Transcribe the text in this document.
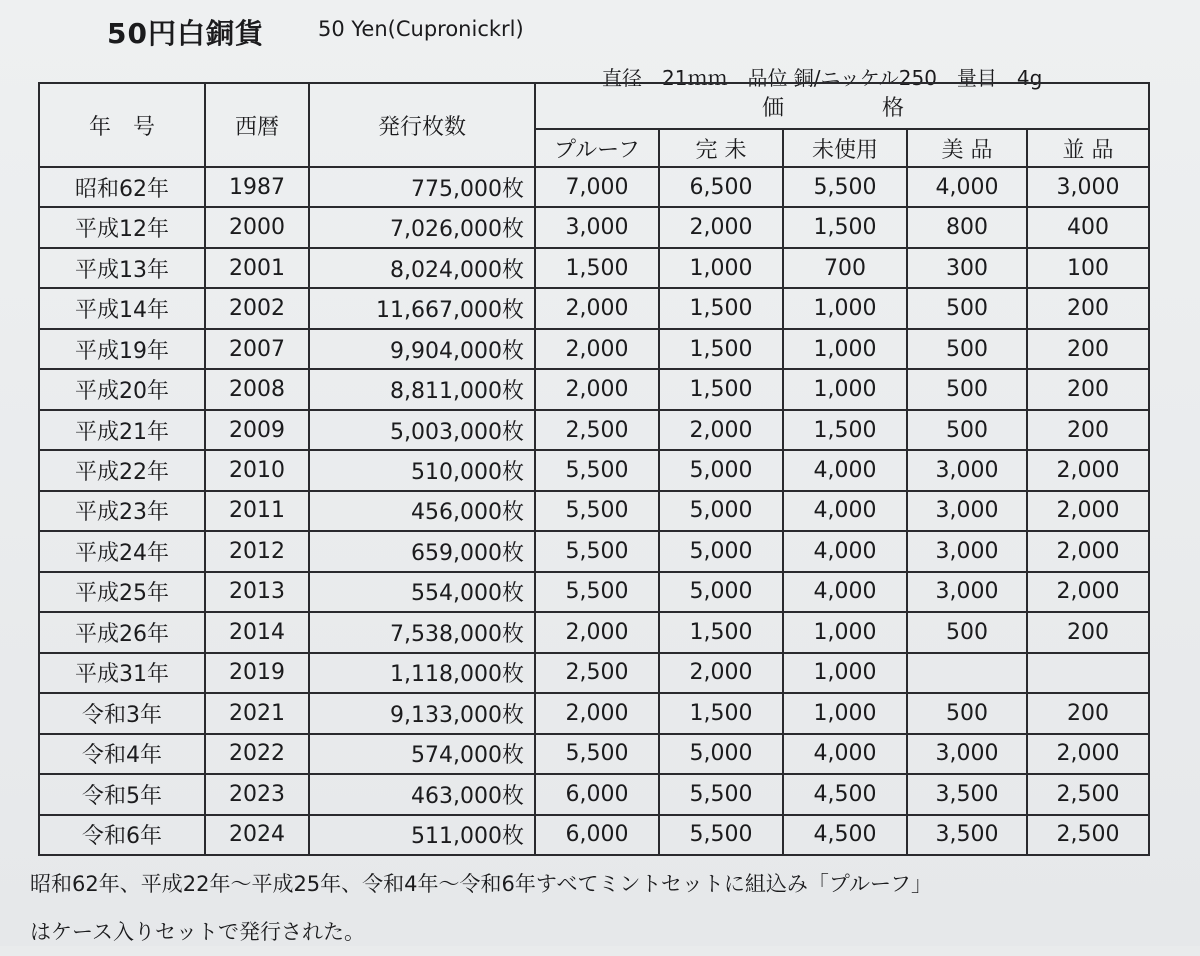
50円白銅貨	50 Yen(Cupronickrl)
直径　21ｍｍ　品位 銅/ニッケル250　量目　4g
年　号	西暦	発行枚数	価　　格				
			プルーフ	完 未	未使用	美 品	並 品
昭和62年	1987	775,000枚	7,000	6,500	5,500	4,000	3,000
平成12年	2000	7,026,000枚	3,000	2,000	1,500	800	400
平成13年	2001	8,024,000枚	1,500	1,000	700	300	100
平成14年	2002	11,667,000枚	2,000	1,500	1,000	500	200
平成19年	2007	9,904,000枚	2,000	1,500	1,000	500	200
平成20年	2008	8,811,000枚	2,000	1,500	1,000	500	200
平成21年	2009	5,003,000枚	2,500	2,000	1,500	500	200
平成22年	2010	510,000枚	5,500	5,000	4,000	3,000	2,000
平成23年	2011	456,000枚	5,500	5,000	4,000	3,000	2,000
平成24年	2012	659,000枚	5,500	5,000	4,000	3,000	2,000
平成25年	2013	554,000枚	5,500	5,000	4,000	3,000	2,000
平成26年	2014	7,538,000枚	2,000	1,500	1,000	500	200
平成31年	2019	1,118,000枚	2,500	2,000	1,000		
令和3年	2021	9,133,000枚	2,000	1,500	1,000	500	200
令和4年	2022	574,000枚	5,500	5,000	4,000	3,000	2,000
令和5年	2023	463,000枚	6,000	5,500	4,500	3,500	2,500
令和6年	2024	511,000枚	6,000	5,500	4,500	3,500	2,500
昭和62年、平成22年～平成25年、令和4年～令和6年すべてミントセットに組込み「プルーフ」
はケース入りセットで発行された。
